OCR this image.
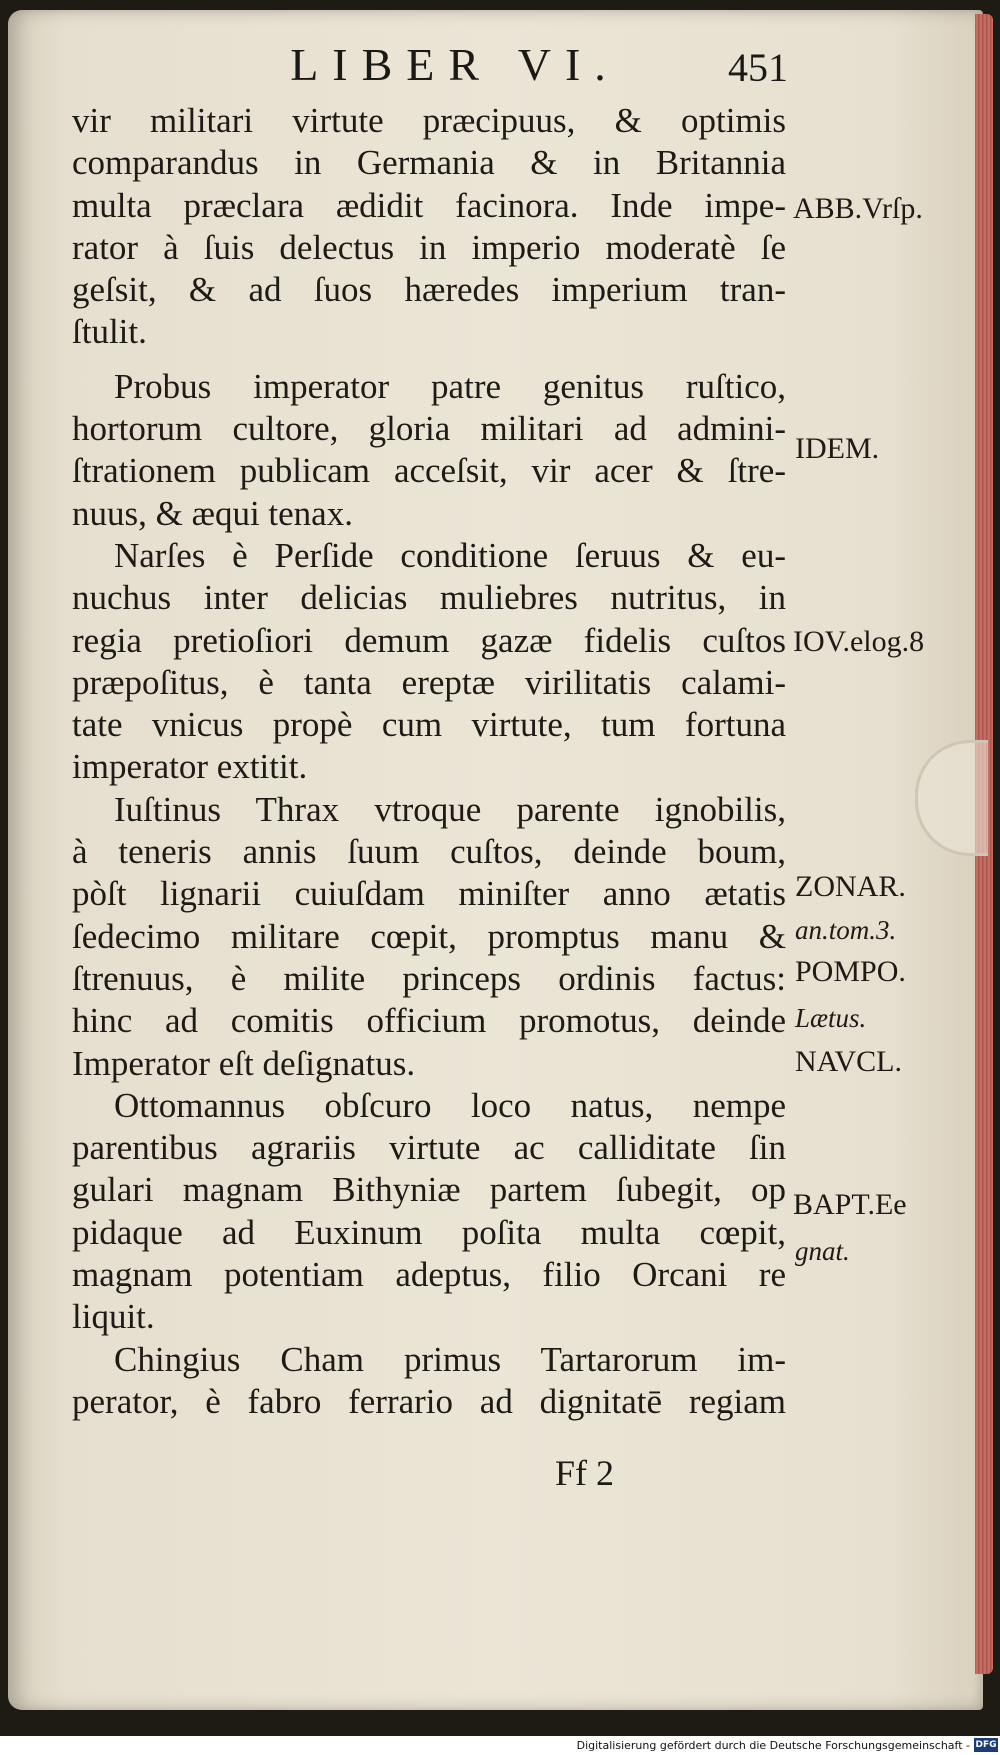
LIBER VI.	451

vir militari virtute præcipuus, & optimis
comparandus in Germania & in Britannia
multa præclara ædidit facinora. Inde impe-
rator à ſuis delectus in imperio moderatè ſe
geſsit, & ad ſuos hæredes imperium tran-
ſtulit.

Probus imperator patre genitus ruſtico,
hortorum cultore, gloria militari ad admini-
ſtrationem publicam acceſsit, vir acer & ſtre-
nuus, & æqui tenax.

Narſes è Perſide conditione ſeruus & eu-
nuchus inter delicias muliebres nutritus, in
regia pretioſiori demum gazæ fidelis cuſtos
præpoſitus, è tanta ereptæ virilitatis calami-
tate vnicus propè cum virtute, tum fortuna
imperator extitit.

Iuſtinus Thrax vtroque parente ignobilis,
à teneris annis ſuum cuſtos, deinde boum,
pòſt lignarii cuiuſdam miniſter anno ætatis
ſedecimo militare cœpit, promptus manu &
ſtrenuus, è milite princeps ordinis factus:
hinc ad comitis officium promotus, deinde
Imperator eſt deſignatus.

Ottomannus obſcuro loco natus, nempe
parentibus agrariis virtute ac calliditate ſin
gulari magnam Bithyniæ partem ſubegit, op
pidaque ad Euxinum poſita multa cœpit,
magnam potentiam adeptus, filio Orcani re
liquit.

Chingius Cham primus Tartarorum im-
perator, è fabro ferrario ad dignitatē regiam

ABB.Vrſp.
IDEM.
IOV.elog.8
ZONAR.
an.tom.3.
POMPO.
Lætus.
NAVCL.
BAPT.Ee
gnat.
Ff 2
Digitalisierung gefördert durch die Deutsche Forschungsgemeinschaft - DFG
